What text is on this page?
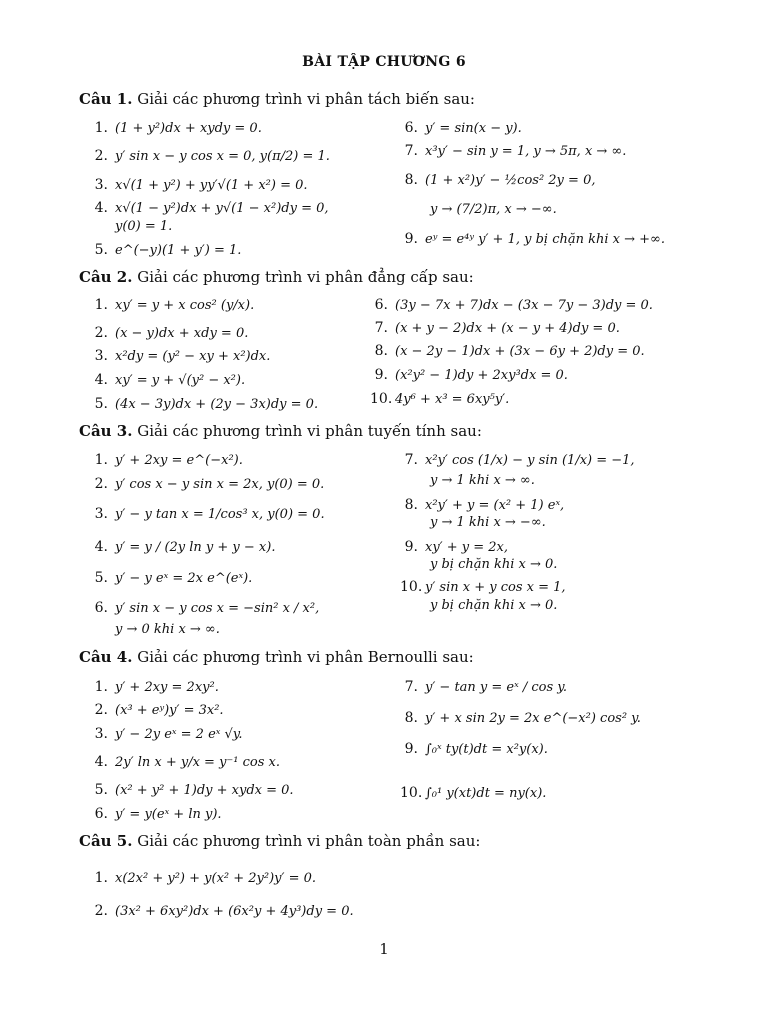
BÀI TẬP CHƯƠNG 6
Câu 1. Giải các phương trình vi phân tách biến sau:
1. (1 + y²)dx + xydy = 0.
2. y′ sin x − y cos x = 0, y(π/2) = 1.
3. x√(1 + y²) + yy′√(1 + x²) = 0.
4. x√(1 − y²)dx + y√(1 − x²)dy = 0,
y(0) = 1.
5. e^(−y)(1 + y′) = 1.
6. y′ = sin(x − y).
7. x³y′ − sin y = 1, y → 5π, x → ∞.
8. (1 + x²)y′ − ½cos² 2y = 0,
y → (7/2)π, x → −∞.
9. eʸ = e⁴ʸ y′ + 1, y bị chặn khi x → +∞.
Câu 2. Giải các phương trình vi phân đẳng cấp sau:
1. xy′ = y + x cos² (y/x).
2. (x − y)dx + xdy = 0.
3. x²dy = (y² − xy + x²)dx.
4. xy′ = y + √(y² − x²).
5. (4x − 3y)dx + (2y − 3x)dy = 0.
6. (3y − 7x + 7)dx − (3x − 7y − 3)dy = 0.
7. (x + y − 2)dx + (x − y + 4)dy = 0.
8. (x − 2y − 1)dx + (3x − 6y + 2)dy = 0.
9. (x²y² − 1)dy + 2xy³dx = 0.
10. 4y⁶ + x³ = 6xy⁵y′.
Câu 3. Giải các phương trình vi phân tuyến tính sau:
1. y′ + 2xy = e^(−x²).
2. y′ cos x − y sin x = 2x, y(0) = 0.
3. y′ − y tan x = 1/cos³ x, y(0) = 0.
4. y′ = y / (2y ln y + y − x).
5. y′ − y eˣ = 2x e^(eˣ).
6. y′ sin x − y cos x = −sin² x / x²,
y → 0 khi x → ∞.
7. x²y′ cos (1/x) − y sin (1/x) = −1,
y → 1 khi x → ∞.
8. x²y′ + y = (x² + 1) eˣ,
y → 1 khi x → −∞.
9. xy′ + y = 2x,
y bị chặn khi x → 0.
10. y′ sin x + y cos x = 1,
y bị chặn khi x → 0.
Câu 4. Giải các phương trình vi phân Bernoulli sau:
1. y′ + 2xy = 2xy².
2. (x³ + eʸ)y′ = 3x².
3. y′ − 2y eˣ = 2 eˣ √y.
4. 2y′ ln x + y/x = y⁻¹ cos x.
5. (x² + y² + 1)dy + xydx = 0.
6. y′ = y(eˣ + ln y).
7. y′ − tan y = eˣ / cos y.
8. y′ + x sin 2y = 2x e^(−x²) cos² y.
9. ∫₀ˣ ty(t)dt = x²y(x).
10. ∫₀¹ y(xt)dt = ny(x).
Câu 5. Giải các phương trình vi phân toàn phần sau:
1. x(2x² + y²) + y(x² + 2y²)y′ = 0.
2. (3x² + 6xy²)dx + (6x²y + 4y³)dy = 0.
1
